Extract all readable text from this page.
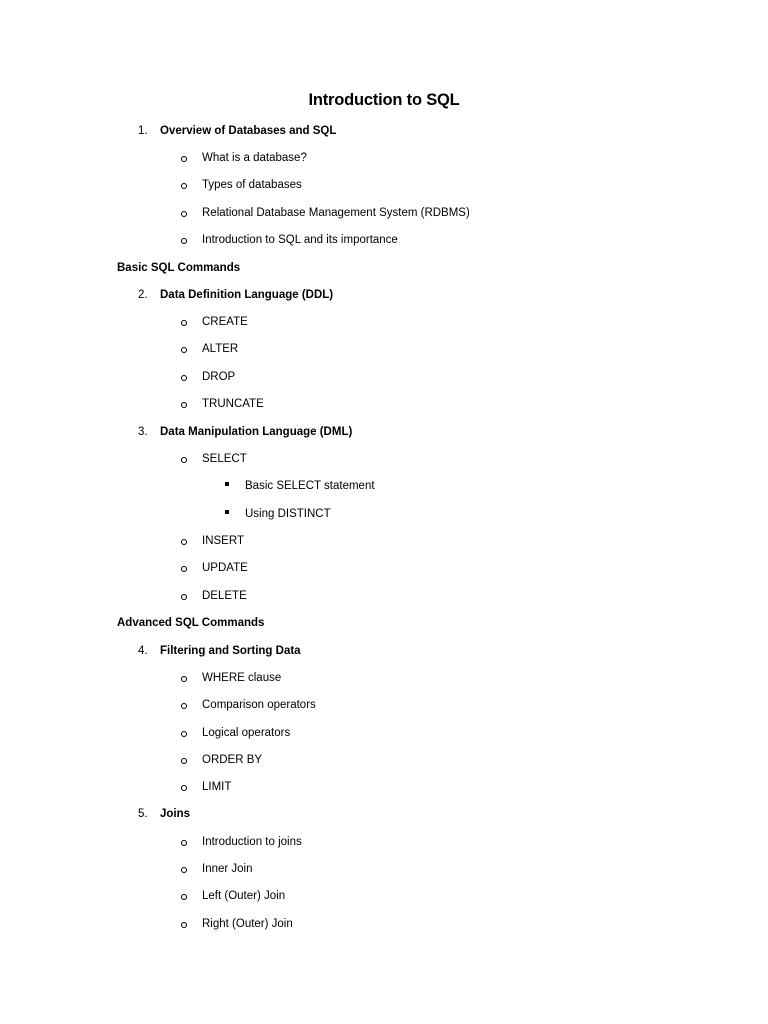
Introduction to SQL
1. Overview of Databases and SQL
What is a database?
Types of databases
Relational Database Management System (RDBMS)
Introduction to SQL and its importance
Basic SQL Commands
2. Data Definition Language (DDL)
CREATE
ALTER
DROP
TRUNCATE
3. Data Manipulation Language (DML)
SELECT
Basic SELECT statement
Using DISTINCT
INSERT
UPDATE
DELETE
Advanced SQL Commands
4. Filtering and Sorting Data
WHERE clause
Comparison operators
Logical operators
ORDER BY
LIMIT
5. Joins
Introduction to joins
Inner Join
Left (Outer) Join
Right (Outer) Join
